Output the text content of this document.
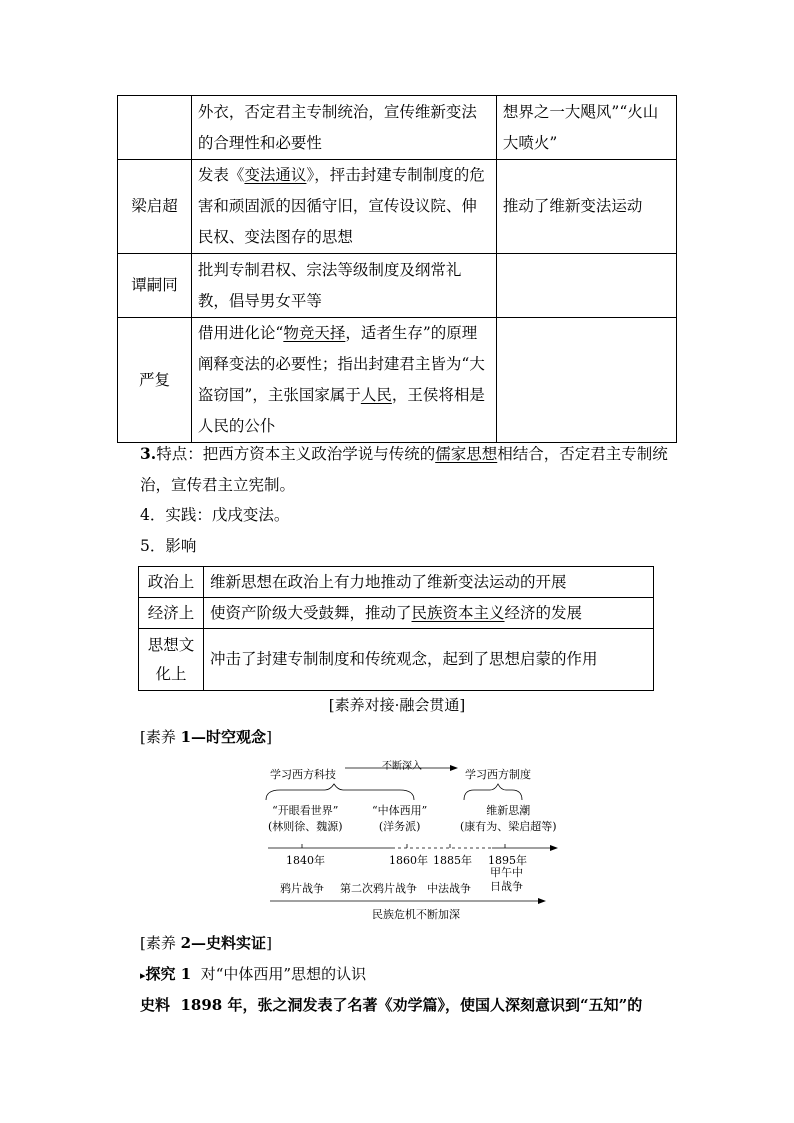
	外衣，否定君主专制统治，宣传维新变法的合理性和必要性	想界之一大飓风”“火山大喷火”
梁启超	发表《变法通议》，抨击封建专制制度的危害和顽固派的因循守旧，宣传设议院、伸民权、变法图存的思想	推动了维新变法运动
谭嗣同	批判专制君权、宗法等级制度及纲常礼教，倡导男女平等	
严复	借用进化论“物竞天择，适者生存”的原理阐释变法的必要性；指出封建君主皆为“大盗窃国”，主张国家属于人民，王侯将相是人民的公仆	
3.特点：把西方资本主义政治学说与传统的儒家思想相结合，否定君主专制统治，宣传君主立宪制。
4．实践：戊戌变法。
5．影响
政治上	维新思想在政治上有力地推动了维新变法运动的开展
经济上	使资产阶级大受鼓舞，推动了民族资本主义经济的发展
思想文化上	冲击了封建专制制度和传统观念，起到了思想启蒙的作用
[素养对接·融会贯通]
[素养 1—时空观念]
学习西方科技
不断深入
学习西方制度
“开眼看世界”
(林则徐、魏源)
“中体西用”
(洋务派)
维新思潮
(康有为、梁启超等)
1840年	1860年 1885年 1895年
甲午中
日战争
鸦片战争 第二次鸦片战争 中法战争
民族危机不断加深
[素养 2—史料实证]
▸探究 1 对“中体西用”思想的认识
史料 1898 年，张之洞发表了名著《劝学篇》，使国人深刻意识到“五知”的
